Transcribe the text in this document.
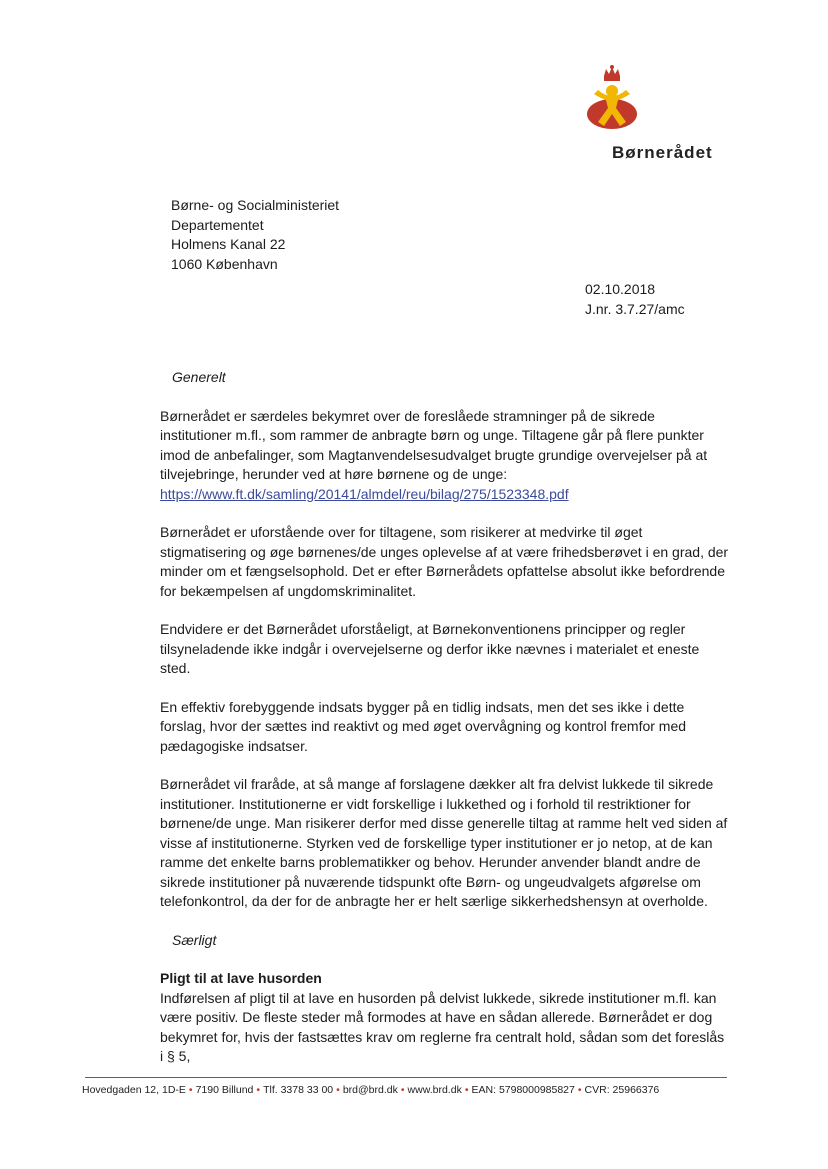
Børnerådet
Børne- og Socialministeriet
Departementet
Holmens Kanal 22
1060 København
02.10.2018
J.nr. 3.7.27/amc

Generelt

Børnerådet er særdeles bekymret over de foreslåede stramninger på de sikrede institutioner m.fl., som rammer de anbragte børn og unge. Tiltagene går på flere punkter imod de anbefalinger, som Magtanvendelsesudvalget brugte grundige overvejelser på at tilvejebringe, herunder ved at høre børnene og de unge: https://www.ft.dk/samling/20141/almdel/reu/bilag/275/1523348.pdf

Børnerådet er uforstående over for tiltagene, som risikerer at medvirke til øget stigmatisering og øge børnenes/de unges oplevelse af at være frihedsberøvet i en grad, der minder om et fængselsophold. Det er efter Børnerådets opfattelse absolut ikke befordrende for bekæmpelsen af ungdomskriminalitet.

Endvidere er det Børnerådet uforståeligt, at Børnekonventionens principper og regler tilsyneladende ikke indgår i overvejelserne og derfor ikke nævnes i materialet et eneste sted.

En effektiv forebyggende indsats bygger på en tidlig indsats, men det ses ikke i dette forslag, hvor der sættes ind reaktivt og med øget overvågning og kontrol fremfor med pædagogiske indsatser.

Børnerådet vil fraråde, at så mange af forslagene dækker alt fra delvist lukkede til sikrede institutioner. Institutionerne er vidt forskellige i lukkethed og i forhold til restriktioner for børnene/de unge. Man risikerer derfor med disse generelle tiltag at ramme helt ved siden af visse af institutionerne. Styrken ved de forskellige typer institutioner er jo netop, at de kan ramme det enkelte barns problematikker og behov. Herunder anvender blandt andre de sikrede institutioner på nuværende tidspunkt ofte Børn- og ungeudvalgets afgørelse om telefonkontrol, da der for de anbragte her er helt særlige sikkerhedshensyn at overholde.

Særligt

Pligt til at lave husorden

Indførelsen af pligt til at lave en husorden på delvist lukkede, sikrede institutioner m.fl. kan være positiv. De fleste steder må formodes at have en sådan allerede. Børnerådet er dog bekymret for, hvis der fastsættes krav om reglerne fra centralt hold, sådan som det foreslås i § 5,

Hovedgaden 12, 1D-E • 7190 Billund • Tlf. 3378 33 00 • brd@brd.dk • www.brd.dk • EAN: 5798000985827 • CVR: 25966376
